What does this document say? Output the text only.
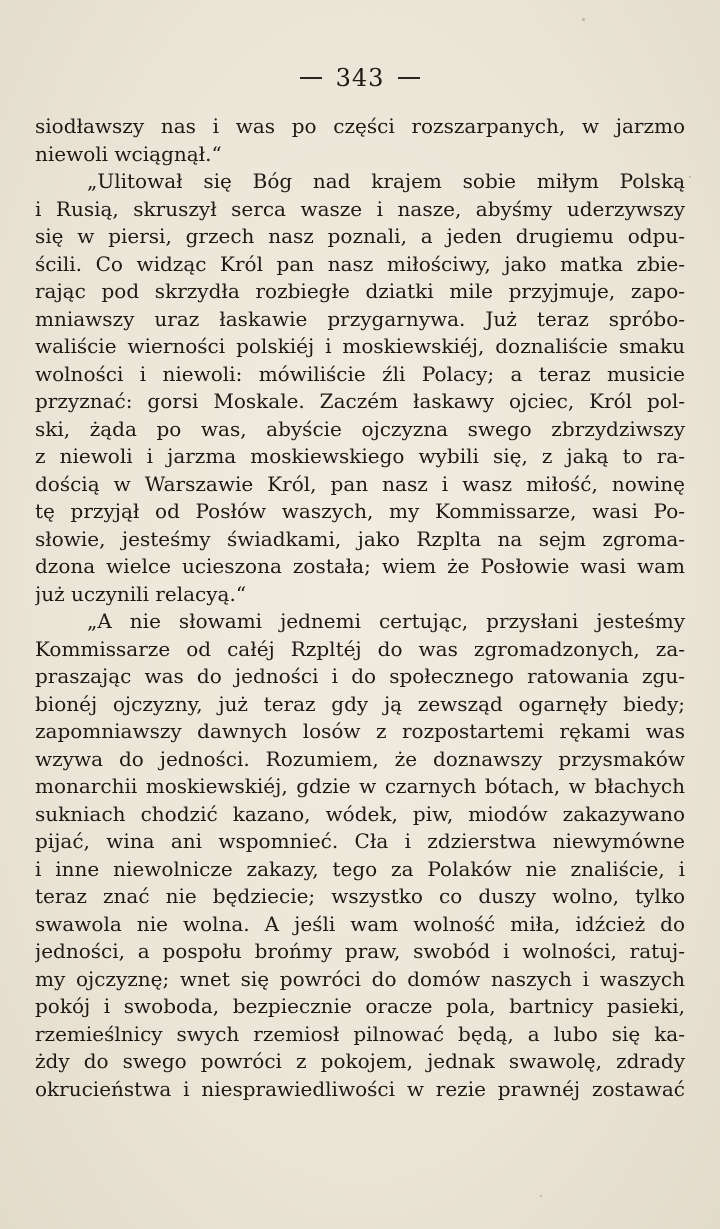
343
siodławszy nas i was po części rozszarpanych, w jarzmo
niewoli wciągnął.“
„Ulitował się Bóg nad krajem sobie miłym Polską
i Rusią, skruszył serca wasze i nasze, abyśmy uderzywszy
się w piersi, grzech nasz poznali, a jeden drugiemu odpu-
ścili. Co widząc Król pan nasz miłościwy, jako matka zbie-
rając pod skrzydła rozbiegłe dziatki mile przyjmuje, zapo-
mniawszy uraz łaskawie przygarnywa. Już teraz spróbo-
waliście wierności polskiéj i moskiewskiéj, doznaliście smaku
wolności i niewoli: mówiliście źli Polacy; a teraz musicie
przyznać: gorsi Moskale. Zaczém łaskawy ojciec, Król pol-
ski, żąda po was, abyście ojczyzna swego zbrzydziwszy
z niewoli i jarzma moskiewskiego wybili się, z jaką to ra-
dością w Warszawie Król, pan nasz i wasz miłość, nowinę
tę przyjął od Posłów waszych, my Kommissarze, wasi Po-
słowie, jesteśmy świadkami, jako Rzplta na sejm zgroma-
dzona wielce ucieszona została; wiem że Posłowie wasi wam
już uczynili relacyą.“
„A nie słowami jednemi certując, przysłani jesteśmy
Kommissarze od całéj Rzpltéj do was zgromadzonych, za-
praszając was do jedności i do społecznego ratowania zgu-
bionéj ojczyzny, już teraz gdy ją zewsząd ogarnęły biedy;
zapomniawszy dawnych losów z rozpostartemi rękami was
wzywa do jedności. Rozumiem, że doznawszy przysmaków
monarchii moskiewskiéj, gdzie w czarnych bótach, w błachych
sukniach chodzić kazano, wódek, piw, miodów zakazywano
pijać, wina ani wspomnieć. Cła i zdzierstwa niewymówne
i inne niewolnicze zakazy, tego za Polaków nie znaliście, i
teraz znać nie będziecie; wszystko co duszy wolno, tylko
swawola nie wolna. A jeśli wam wolność miła, idźcież do
jedności, a pospołu brońmy praw, swobód i wolności, ratuj-
my ojczyznę; wnet się powróci do domów naszych i waszych
pokój i swoboda, bezpiecznie oracze pola, bartnicy pasieki,
rzemieślnicy swych rzemiosł pilnować będą, a lubo się ka-
żdy do swego powróci z pokojem, jednak swawolę, zdrady
okrucieństwa i niesprawiedliwości w rezie prawnéj zostawać
